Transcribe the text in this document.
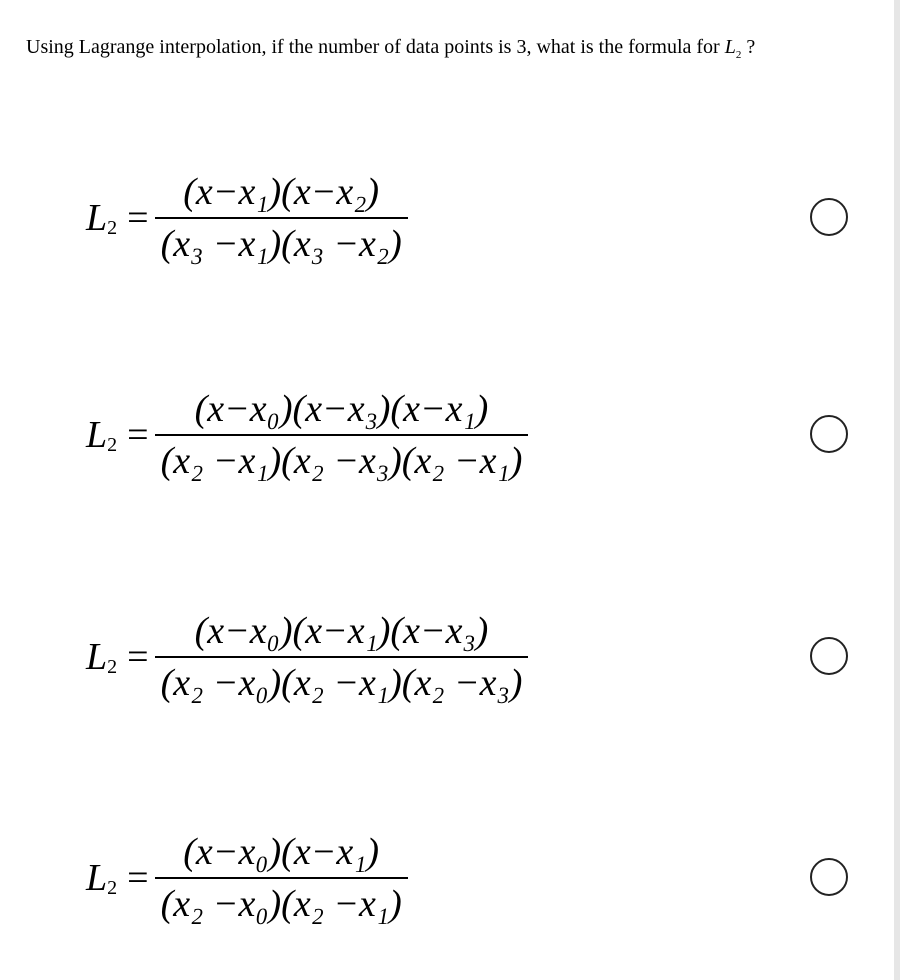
Using Lagrange interpolation, if the number of data points is 3, what is the formula for $L_2$ ?
$L_2 = \frac{\text{(x−x₁)(x−x₂)}}{\text{(x₃ −x₁)(x₃ −x₂)}}$
$L_2 = \frac{\text{(x−x₀)(x−x₃)(x−x₁)}}{\text{(x₂ −x₁)(x₂ −x₃)(x₂ −x₁)}}$
$L_2 = \frac{\text{(x−x₀)(x−x₁)(x−x₃)}}{\text{(x₂ −x₀)(x₂ −x₁)(x₂ −x₃)}}$
$L_2 = \frac{\text{(x−x₀)(x−x₁)}}{\text{(x₂ −x₀)(x₂ −x₁)}}$
